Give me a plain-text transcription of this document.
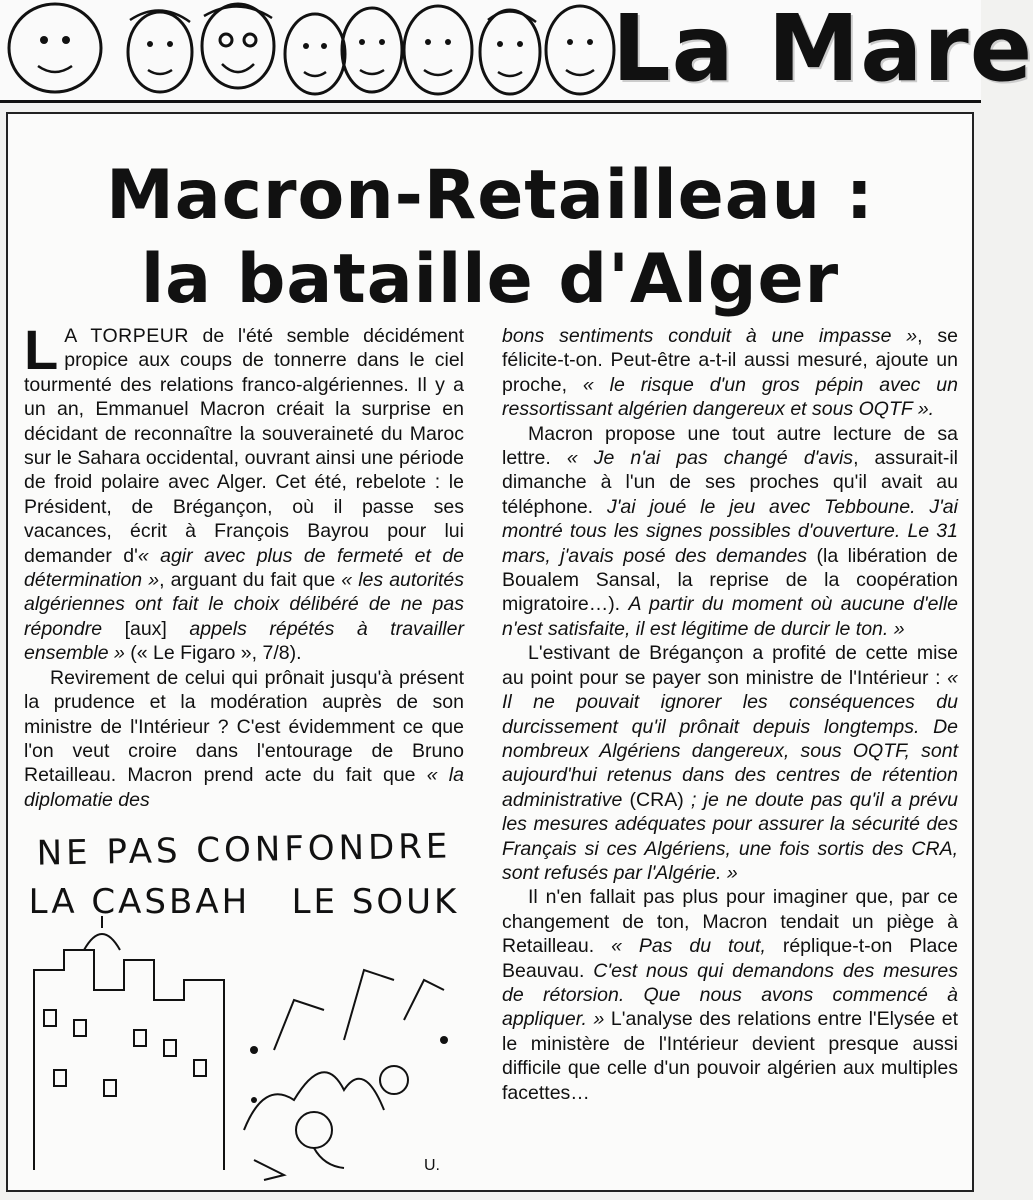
La Mare
Macron-Retailleau :
la bataille d'Alger

L A TORPEUR de l'été semble décidément propice aux coups de tonnerre dans le ciel tourmenté des relations franco-algériennes. Il y a un an, Emmanuel Macron créait la surprise en décidant de reconnaître la souveraineté du Maroc sur le Sahara occidental, ouvrant ainsi une période de froid polaire avec Alger. Cet été, rebelote : le Président, de Brégançon, où il passe ses vacances, écrit à François Bayrou pour lui demander d'« agir avec plus de fermeté et de détermination », arguant du fait que « les autorités algériennes ont fait le choix délibéré de ne pas répondre [aux] appels répétés à travailler ensemble » (« Le Figaro », 7/8).

Revirement de celui qui prônait jusqu'à présent la prudence et la modération auprès de son ministre de l'Intérieur ? C'est évidemment ce que l'on veut croire dans l'entourage de Bruno Retailleau. Macron prend acte du fait que « la diplomatie des

NE PAS CONFONDRE
LA CASBAH   LE SOUK
U.

bons sentiments conduit à une impasse », se félicite-t-on. Peut-être a-t-il aussi mesuré, ajoute un proche, « le risque d'un gros pépin avec un ressortissant algérien dangereux et sous OQTF ».

Macron propose une tout autre lecture de sa lettre. « Je n'ai pas changé d'avis, assurait-il dimanche à l'un de ses proches qu'il avait au téléphone. J'ai joué le jeu avec Tebboune. J'ai montré tous les signes possibles d'ouverture. Le 31 mars, j'avais posé des demandes (la libération de Boualem Sansal, la reprise de la coopération migratoire…). A partir du moment où aucune d'elle n'est satisfaite, il est légitime de durcir le ton. »

L'estivant de Brégançon a profité de cette mise au point pour se payer son ministre de l'Intérieur : « Il ne pouvait ignorer les conséquences du durcissement qu'il prônait depuis longtemps. De nombreux Algériens dangereux, sous OQTF, sont aujourd'hui retenus dans des centres de rétention administrative (CRA) ; je ne doute pas qu'il a prévu les mesures adéquates pour assurer la sécurité des Français si ces Algériens, une fois sortis des CRA, sont refusés par l'Algérie. »

Il n'en fallait pas plus pour imaginer que, par ce changement de ton, Macron tendait un piège à Retailleau. « Pas du tout, réplique-t-on Place Beauvau. C'est nous qui demandons des mesures de rétorsion. Que nous avons commencé à appliquer. » L'analyse des relations entre l'Elysée et le ministère de l'Intérieur devient presque aussi difficile que celle d'un pouvoir algérien aux multiples facettes…
